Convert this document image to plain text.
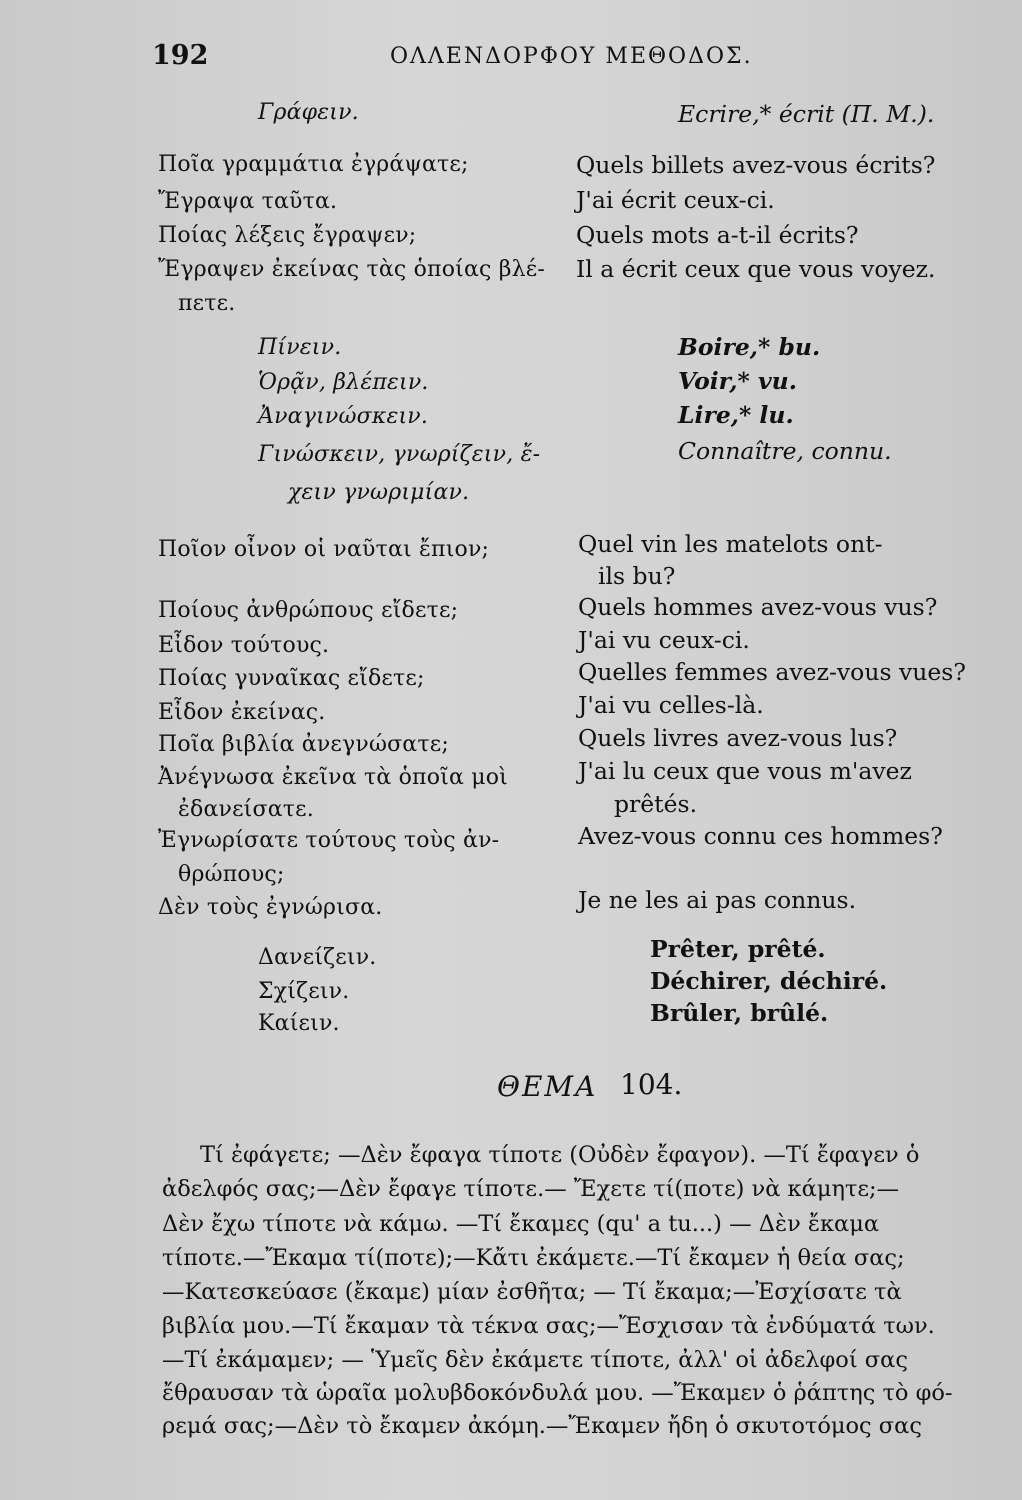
192	ΟΛΛΕΝΔΟΡΦΟΥ ΜΕΘΟΔΟΣ.
Γράφειν.	Ecrire,* écrit (Π. Μ.).
Ποῖα γραμμάτια ἐγράψατε;
Ἔγραψα ταῦτα.
Ποίας λέξεις ἔγραψεν;
Ἔγραψεν ἐκείνας τὰς ὁποίας βλέ-
πετε.
Quels billets avez-vous écrits?
J'ai écrit ceux-ci.
Quels mots a-t-il écrits?
Il a écrit ceux que vous voyez.
Πίνειν.
Ὁρᾷν, βλέπειν.
Ἀναγινώσκειν.
Γινώσκειν, γνωρίζειν, ἔ-
χειν γνωριμίαν.
Boire,* bu.
Voir,* vu.
Lire,* lu.
Connaître, connu.
Ποῖον οἶνον οἱ ναῦται ἔπιον;
Ποίους ἀνθρώπους εἴδετε;
Εἶδον τούτους.
Ποίας γυναῖκας εἴδετε;
Εἶδον ἐκείνας.
Ποῖα βιβλία ἀνεγνώσατε;
Ἀνέγνωσα ἐκεῖνα τὰ ὁποῖα μοὶ
ἐδανείσατε.
Ἐγνωρίσατε τούτους τοὺς ἀν-
θρώπους;
Δὲν τοὺς ἐγνώρισα.
Quel vin les matelots ont-
ils bu?
Quels hommes avez-vous vus?
J'ai vu ceux-ci.
Quelles femmes avez-vous vues?
J'ai vu celles-là.
Quels livres avez-vous lus?
J'ai lu ceux que vous m'avez
prêtés.
Avez-vous connu ces hommes?
Je ne les ai pas connus.
Δανείζειν.
Σχίζειν.
Καίειν.
Prêter, prêté.
Déchirer, déchiré.
Brûler, brûlé.
ΘΕΜΑ 104.
Τί ἐφάγετε; —Δὲν ἔφαγα τίποτε (Οὐδὲν ἔφαγον). —Τί ἔφαγεν ὁ
ἀδελφός σας;—Δὲν ἔφαγε τίποτε.— Ἔχετε τί(ποτε) νὰ κάμητε;—
Δὲν ἔχω τίποτε νὰ κάμω. —Τί ἔκαμες (qu' a tu...) — Δὲν ἔκαμα
τίποτε.—Ἔκαμα τί(ποτε);—Κἄτι ἐκάμετε.—Τί ἔκαμεν ἡ θεία σας;
—Κατεσκεύασε (ἔκαμε) μίαν ἐσθῆτα; — Τί ἔκαμα;—Ἐσχίσατε τὰ
βιβλία μου.—Τί ἔκαμαν τὰ τέκνα σας;—Ἔσχισαν τὰ ἐνδύματά των.
—Τί ἐκάμαμεν; — Ὑμεῖς δὲν ἐκάμετε τίποτε, ἀλλ' οἱ ἀδελφοί σας
ἔθραυσαν τὰ ὡραῖα μολυβδοκόνδυλά μου. —Ἔκαμεν ὁ ῥάπτης τὸ φό-
ρεμά σας;—Δὲν τὸ ἔκαμεν ἀκόμη.—Ἔκαμεν ἤδη ὁ σκυτοτόμος σας
